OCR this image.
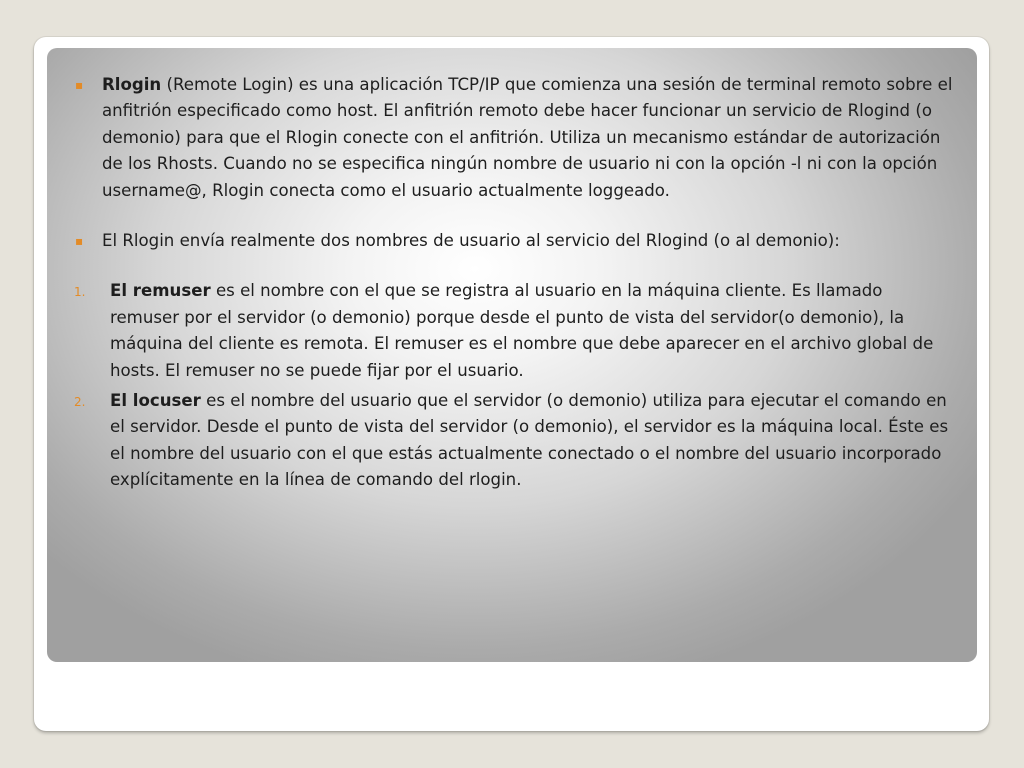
▪ Rlogin (Remote Login) es una aplicación TCP/IP que comienza una sesión de terminal remoto sobre el anfitrión especificado como host. El anfitrión remoto debe hacer funcionar un servicio de Rlogind (o demonio) para que el Rlogin conecte con el anfitrión. Utiliza un mecanismo estándar de autorización de los Rhosts. Cuando no se especifica ningún nombre de usuario ni con la opción -l ni con la opción username@, Rlogin conecta como el usuario actualmente loggeado.

▪ El Rlogin envía realmente dos nombres de usuario al servicio del Rlogind (o al demonio):

1. El remuser es el nombre con el que se registra al usuario en la máquina cliente. Es llamado remuser por el servidor (o demonio) porque desde el punto de vista del servidor(o demonio), la máquina del cliente es remota. El remuser es el nombre que debe aparecer en el archivo global de hosts. El remuser no se puede fijar por el usuario.

2. El locuser es el nombre del usuario que el servidor (o demonio) utiliza para ejecutar el comando en el servidor. Desde el punto de vista del servidor (o demonio), el servidor es la máquina local. Éste es el nombre del usuario con el que estás actualmente conectado o el nombre del usuario incorporado explícitamente en la línea de comando del rlogin.
